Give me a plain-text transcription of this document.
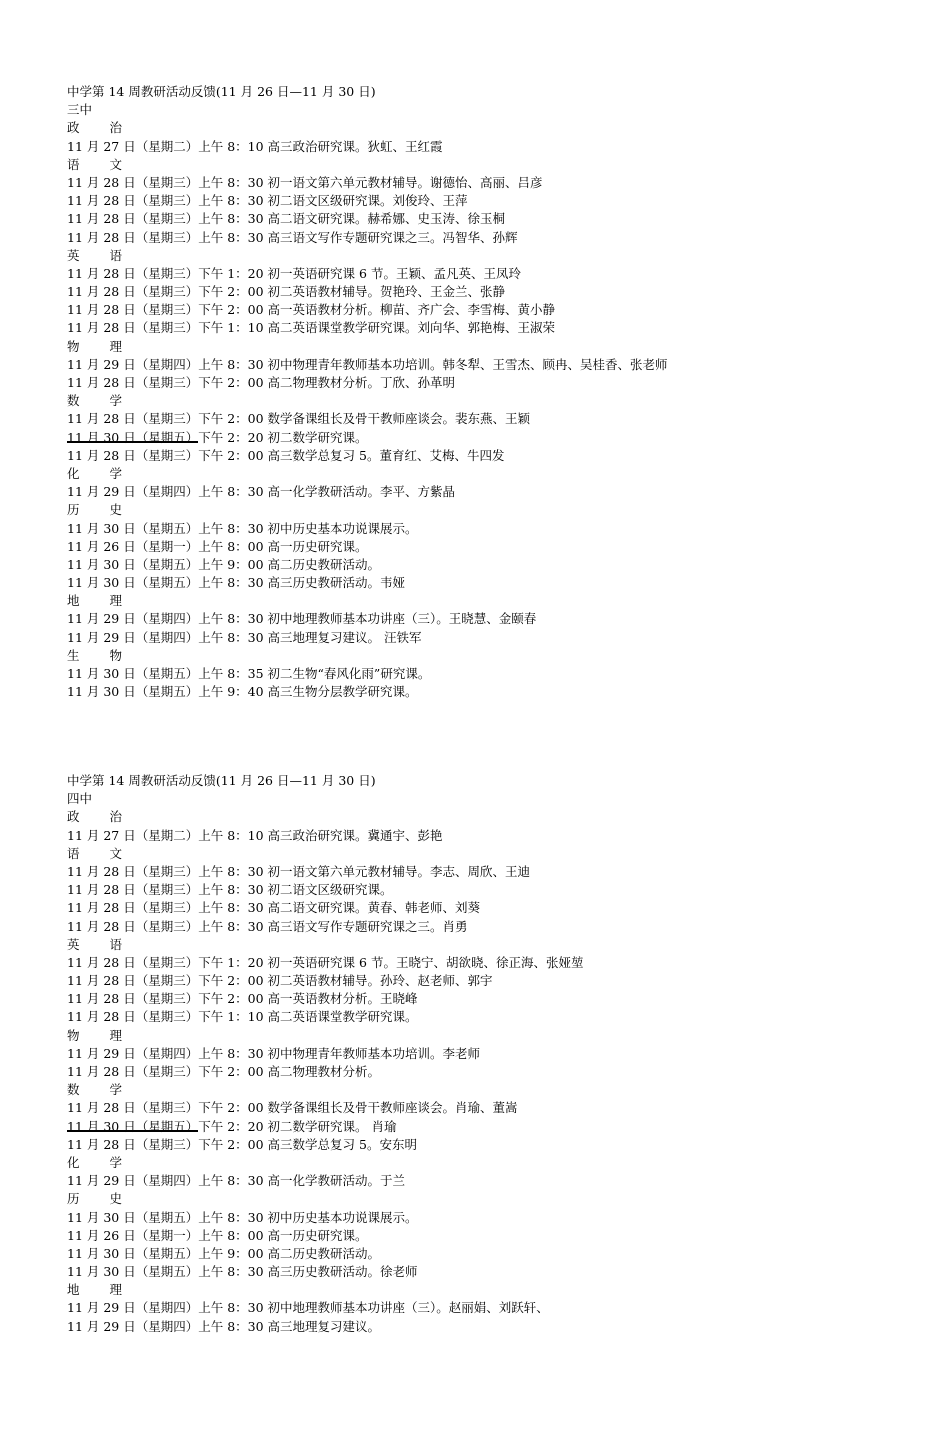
中学第 14 周教研活动反馈(11 月 26 日—11 月 30 日)
三中
政 治
11 月 27 日（星期二）上午 8：10 高三政治研究课。狄虹、王红霞
语 文
11 月 28 日（星期三）上午 8：30 初一语文第六单元教材辅导。谢德怡、高丽、吕彦
11 月 28 日（星期三）上午 8：30 初二语文区级研究课。刘俊玲、王萍
11 月 28 日（星期三）上午 8：30 高二语文研究课。赫希娜、史玉涛、徐玉桐
11 月 28 日（星期三）上午 8：30 高三语文写作专题研究课之三。冯智华、孙辉
英 语
11 月 28 日（星期三）下午 1：20 初一英语研究课 6 节。王颖、孟凡英、王凤玲
11 月 28 日（星期三）下午 2：00 初二英语教材辅导。贺艳玲、王金兰、张静
11 月 28 日（星期三）下午 2：00 高一英语教材分析。柳苗、齐广会、李雪梅、黄小静
11 月 28 日（星期三）下午 1：10 高二英语课堂教学研究课。刘向华、郭艳梅、王淑荣
物 理
11 月 29 日（星期四）上午 8：30 初中物理青年教师基本功培训。韩冬犁、王雪杰、顾冉、吴桂香、张老师
11 月 28 日（星期三）下午 2：00 高二物理教材分析。丁欣、孙革明
数 学
11 月 28 日（星期三）下午 2：00 数学备课组长及骨干教师座谈会。裴东燕、王颖
11 月 30 日（星期五）下午 2：20 初二数学研究课。
11 月 28 日（星期三）下午 2：00 高三数学总复习 5。董育红、艾梅、牛四发
化 学
11 月 29 日（星期四）上午 8：30 高一化学教研活动。李平、方紫晶
历 史
11 月 30 日（星期五）上午 8：30 初中历史基本功说课展示。
11 月 26 日（星期一）上午 8：00 高一历史研究课。
11 月 30 日（星期五）上午 9：00 高二历史教研活动。
11 月 30 日（星期五）上午 8：30 高三历史教研活动。韦娅
地 理
11 月 29 日（星期四）上午 8：30 初中地理教师基本功讲座（三）。王晓慧、金颐春
11 月 29 日（星期四）上午 8：30 高三地理复习建议。 汪铁军
生 物
11 月 30 日（星期五）上午 8：35 初二生物“春风化雨”研究课。
11 月 30 日（星期五）上午 9：40 高三生物分层教学研究课。
中学第 14 周教研活动反馈(11 月 26 日—11 月 30 日)
四中
政 治
11 月 27 日（星期二）上午 8：10 高三政治研究课。冀通宇、彭艳
语 文
11 月 28 日（星期三）上午 8：30 初一语文第六单元教材辅导。李志、周欣、王迪
11 月 28 日（星期三）上午 8：30 初二语文区级研究课。
11 月 28 日（星期三）上午 8：30 高二语文研究课。黄春、韩老师、刘葵
11 月 28 日（星期三）上午 8：30 高三语文写作专题研究课之三。肖勇
英 语
11 月 28 日（星期三）下午 1：20 初一英语研究课 6 节。王晓宁、胡欲晓、徐正海、张娅堃
11 月 28 日（星期三）下午 2：00 初二英语教材辅导。孙玲、赵老师、郭宇
11 月 28 日（星期三）下午 2：00 高一英语教材分析。王晓峰
11 月 28 日（星期三）下午 1：10 高二英语课堂教学研究课。
物 理
11 月 29 日（星期四）上午 8：30 初中物理青年教师基本功培训。李老师
11 月 28 日（星期三）下午 2：00 高二物理教材分析。
数 学
11 月 28 日（星期三）下午 2：00 数学备课组长及骨干教师座谈会。肖瑜、董嵩
11 月 30 日（星期五）下午 2：20 初二数学研究课。 肖瑜
11 月 28 日（星期三）下午 2：00 高三数学总复习 5。安东明
化 学
11 月 29 日（星期四）上午 8：30 高一化学教研活动。于兰
历 史
11 月 30 日（星期五）上午 8：30 初中历史基本功说课展示。
11 月 26 日（星期一）上午 8：00 高一历史研究课。
11 月 30 日（星期五）上午 9：00 高二历史教研活动。
11 月 30 日（星期五）上午 8：30 高三历史教研活动。徐老师
地 理
11 月 29 日（星期四）上午 8：30 初中地理教师基本功讲座（三）。赵丽娟、刘跃轩、
11 月 29 日（星期四）上午 8：30 高三地理复习建议。
